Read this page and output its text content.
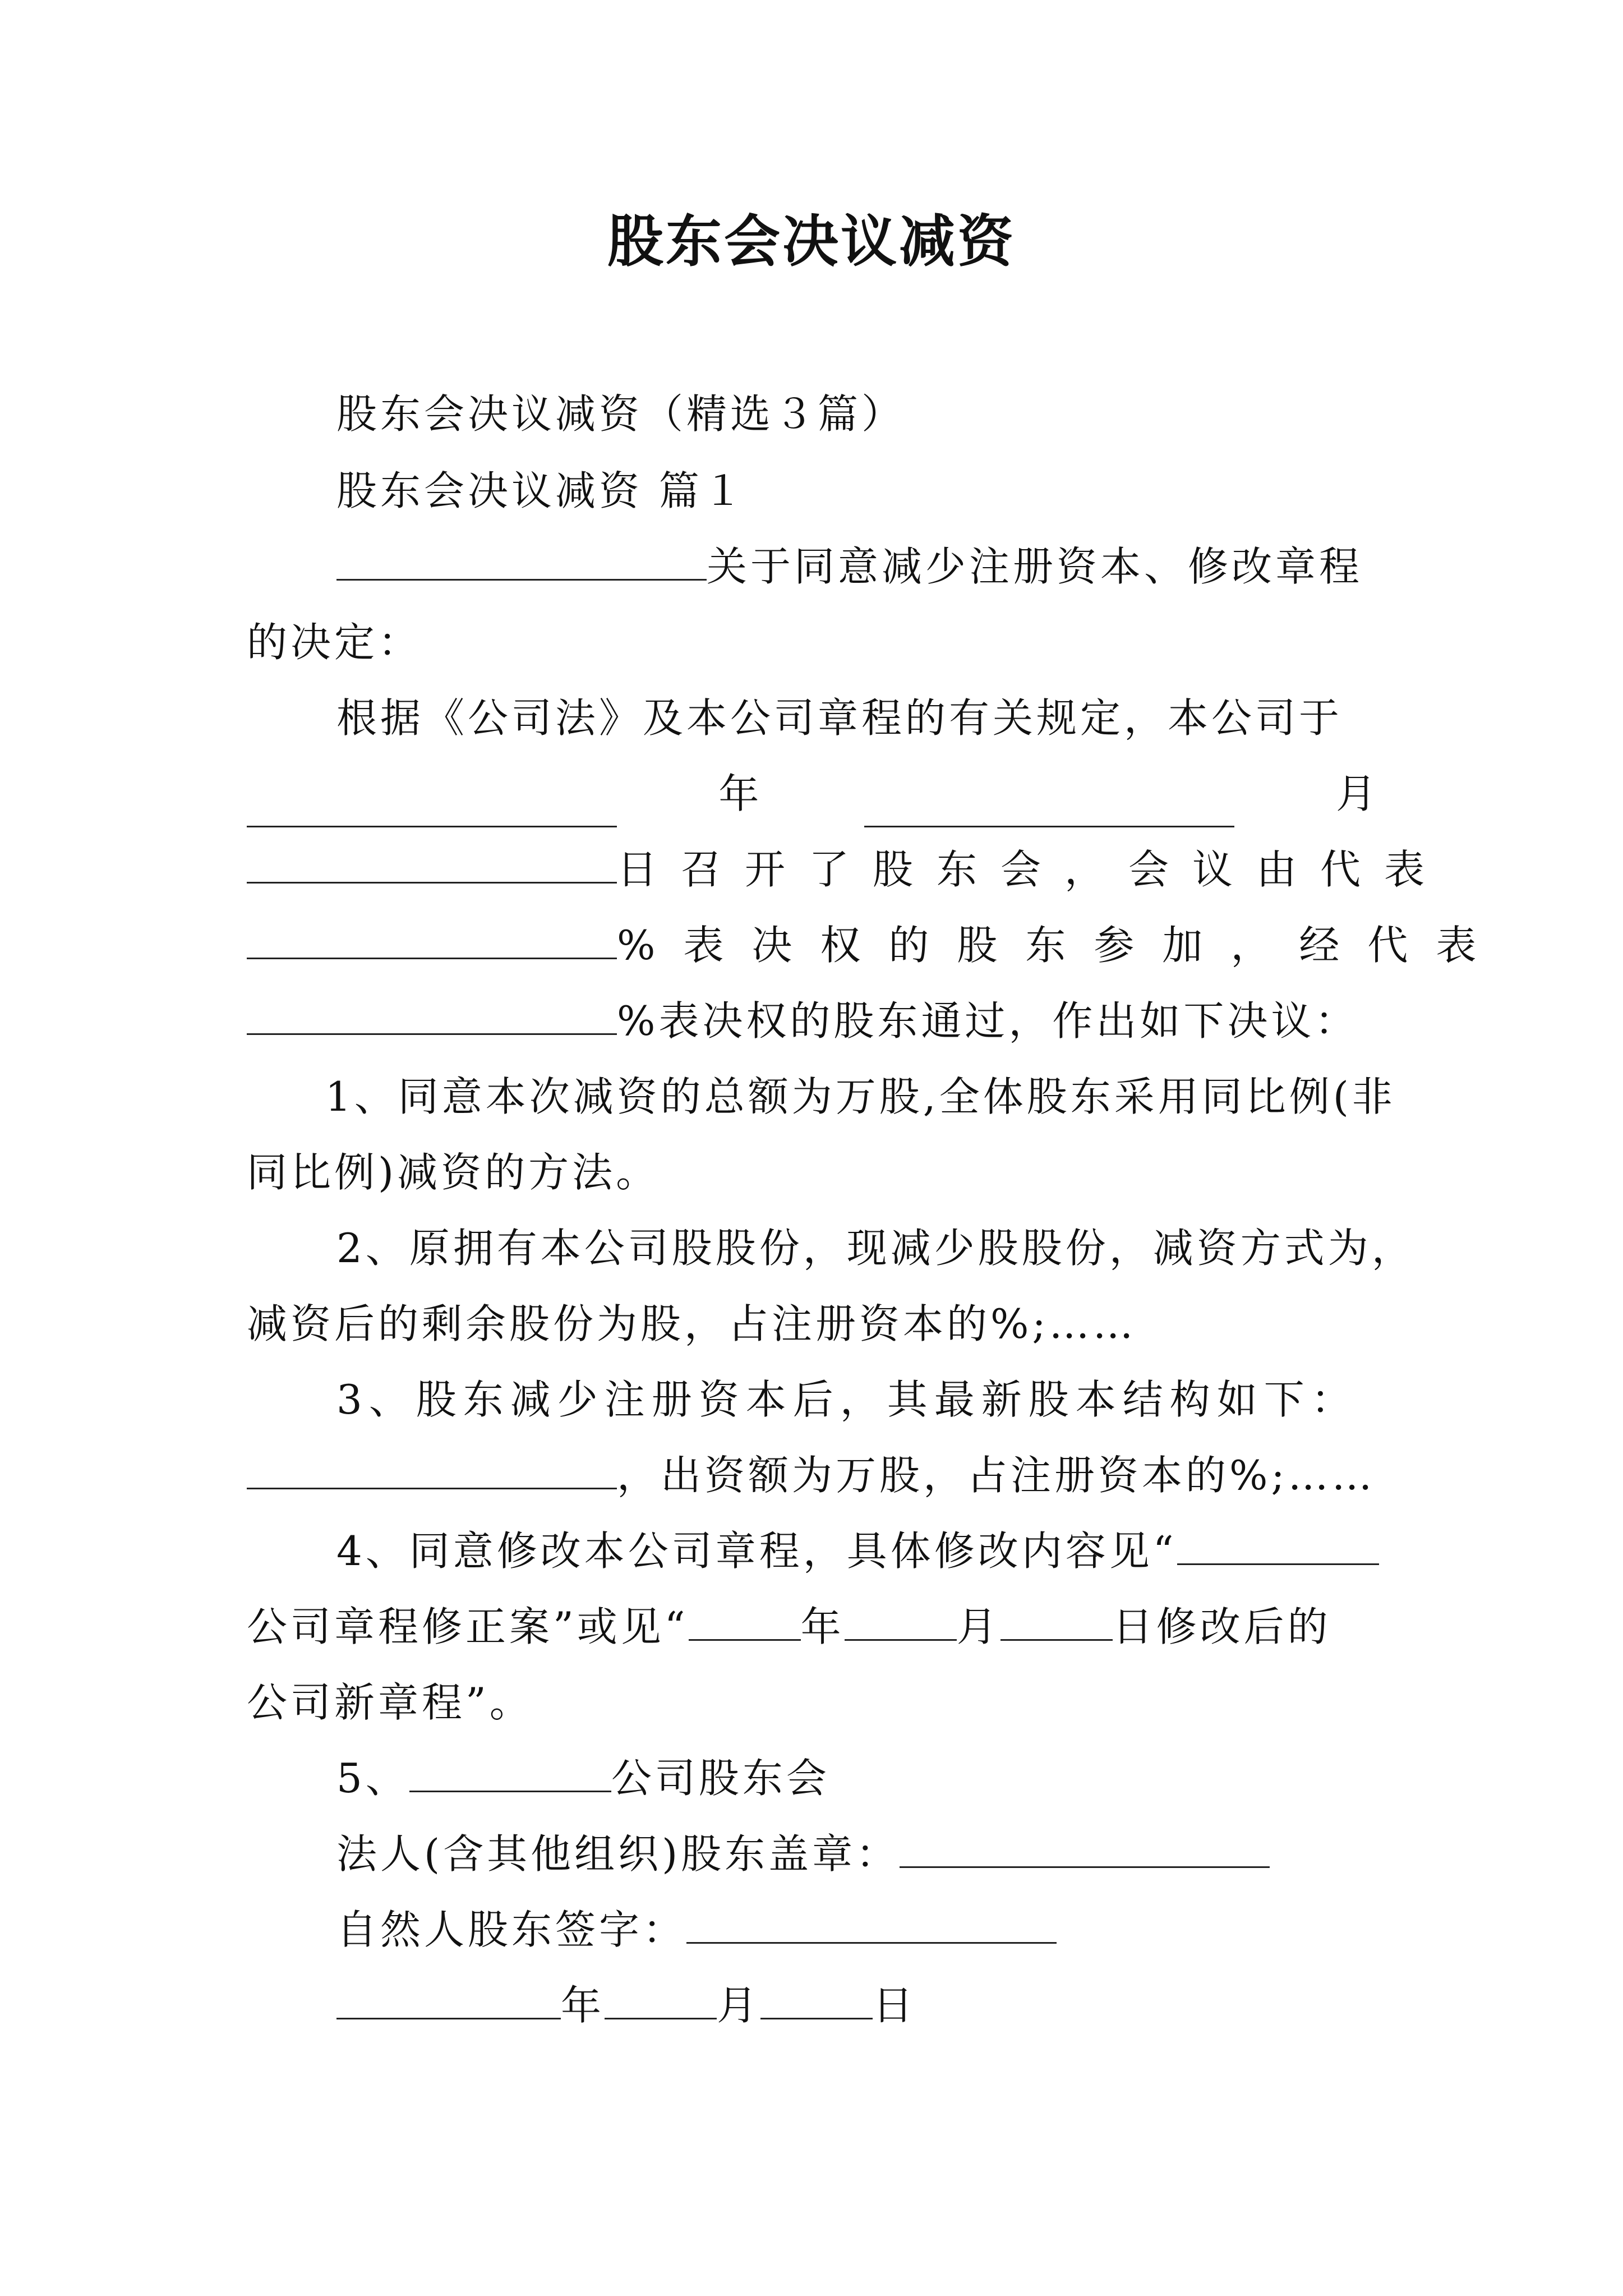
股东会决议减资
股东会决议减资（精选３篇）
股东会决议减资 篇１
关于同意减少注册资本、修改章程
的决定：
根据《公司法》及本公司章程的有关规定，本公司于
年	月
日召开了股东会，会议由代表
%表决权的股东参加，经代表
%表决权的股东通过，作出如下决议：
1、同意本次减资的总额为万股,全体股东采用同比例(非
同比例)减资的方法。
2、原拥有本公司股股份，现减少股股份，减资方式为，
减资后的剩余股份为股，占注册资本的%;……
3、股东减少注册资本后，其最新股本结构如下：
，出资额为万股，占注册资本的%;……
4、同意修改本公司章程，具体修改内容见“
公司章程修正案”或见“	年	月	日修改后的
公司新章程”。
5、	公司股东会
法人(含其他组织)股东盖章：
自然人股东签字：
年	月	日
